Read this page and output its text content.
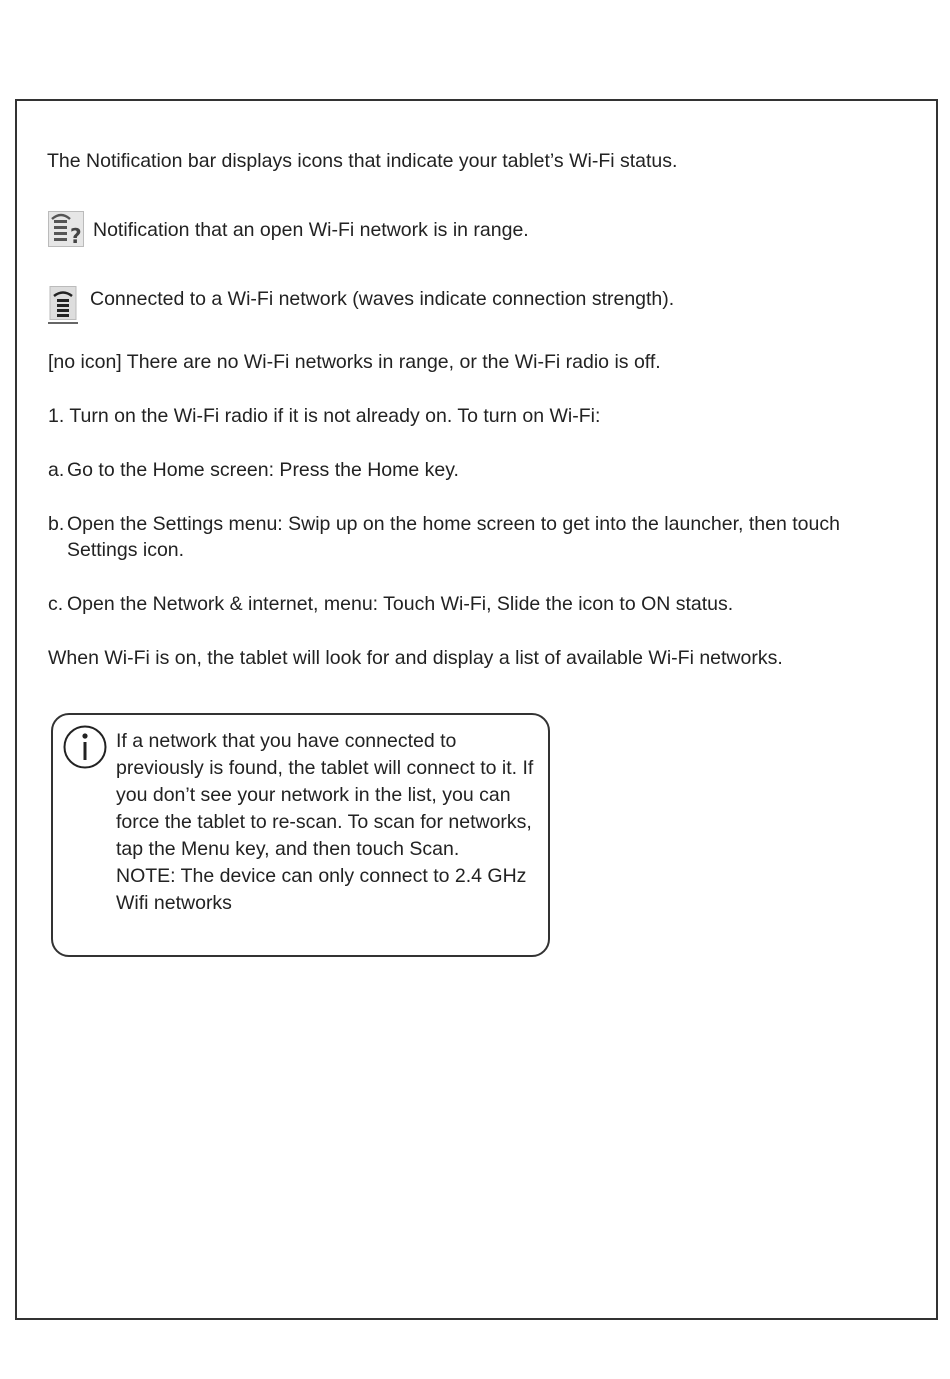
The Notification bar displays icons that indicate your tablet’s Wi-Fi status.
? Notification that an open Wi-Fi network is in range.
Connected to a Wi-Fi network (waves indicate connection strength).
[no icon] There are no Wi-Fi networks in range, or the Wi-Fi radio is off.
1. Turn on the Wi-Fi radio if it is not already on. To turn on Wi-Fi:
a. Go to the Home screen: Press the Home key.
b. Open the Settings menu: Swip up on the home screen to get into the launcher, then touch Settings icon.
c. Open the Network & internet, menu: Touch Wi-Fi, Slide the icon to ON status.
When Wi-Fi is on, the tablet will look for and display a list of available Wi-Fi networks.

If a network that you have connected to previously is found, the tablet will connect to it. If you don’t see your network in the list, you can force the tablet to re-scan. To scan for networks, tap the Menu key, and then touch Scan.

NOTE: The device can only connect to 2.4 GHz Wifi networks
